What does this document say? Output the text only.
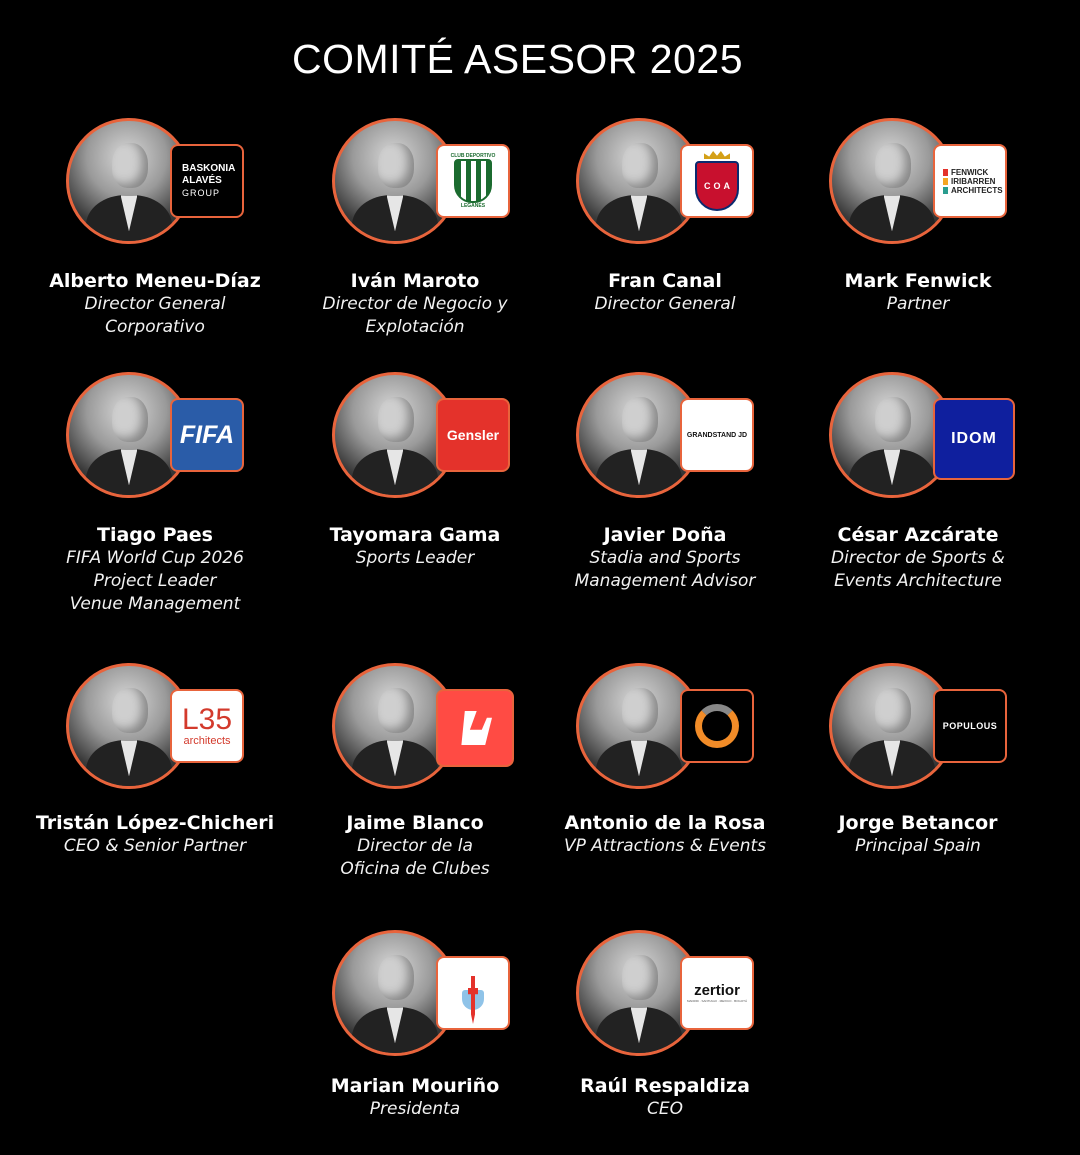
COMITÉ ASESOR 2025
BASKONIA
ALAVÉS
GROUP
Alberto Meneu-Díaz
Director General
Corporativo
CLUB DEPORTIVO
LEGANÉS
Iván Maroto
Director de Negocio y
Explotación
C O A
Fran Canal
Director General
FENWICK
IRIBARREN
ARCHITECTS
Mark Fenwick
Partner
FIFA
Tiago Paes
FIFA World Cup 2026
Project Leader
Venue Management
Gensler
Tayomara Gama
Sports Leader
GRANDSTAND JD
Javier Doña
Stadia and Sports
Management Advisor
IDOM
César Azcárate
Director de Sports &
Events Architecture
L35
architects
Tristán López-Chicheri
CEO & Senior Partner
Jaime Blanco
Director de la
Oficina de Clubes
Antonio de la Rosa
VP Attractions & Events
POPULOUS
Jorge Betancor
Principal Spain
Marian Mouriño
Presidenta
zertior
MADRID · SANTIAGO · MEXICO · BOGOTÁ
Raúl Respaldiza
CEO
